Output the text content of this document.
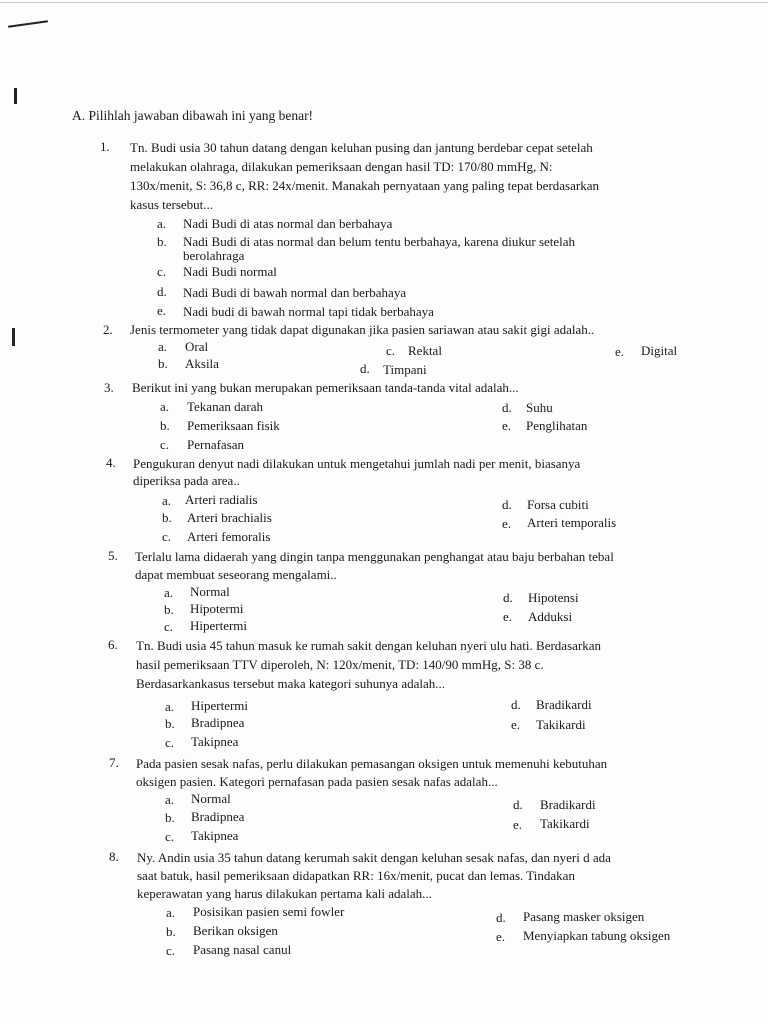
A. Pilihlah jawaban dibawah ini yang benar!
1. Tn. Budi usia 30 tahun datang dengan keluhan pusing dan jantung berdebar cepat setelah
melakukan olahraga, dilakukan pemeriksaan dengan hasil TD: 170/80 mmHg, N:
130x/menit, S: 36,8 c, RR: 24x/menit. Manakah pernyataan yang paling tepat berdasarkan
kasus tersebut...
a. Nadi Budi di atas normal dan berbahaya
b. Nadi Budi di atas normal dan belum tentu berbahaya, karena diukur setelah
berolahraga
c. Nadi Budi normal
d. Nadi Budi di bawah normal dan berbahaya
e. Nadi budi di bawah normal tapi tidak berbahaya
2. Jenis termometer yang tidak dapat digunakan jika pasien sariawan atau sakit gigi adalah..
a. Oral
b. Aksila
c. Rektal
d. Timpani
e. Digital
3. Berikut ini yang bukan merupakan pemeriksaan tanda-tanda vital adalah...
a. Tekanan darah
b. Pemeriksaan fisik
c. Pernafasan
d. Suhu
e. Penglihatan
4. Pengukuran denyut nadi dilakukan untuk mengetahui jumlah nadi per menit, biasanya
diperiksa pada area..
a. Arteri radialis
b. Arteri brachialis
c. Arteri femoralis
d. Forsa cubiti
e. Arteri temporalis
5. Terlalu lama didaerah yang dingin tanpa menggunakan penghangat atau baju berbahan tebal
dapat membuat seseorang mengalami..
a. Normal
b. Hipotermi
c. Hipertermi
d. Hipotensi
e. Adduksi
6. Tn. Budi usia 45 tahun masuk ke rumah sakit dengan keluhan nyeri ulu hati. Berdasarkan
hasil pemeriksaan TTV diperoleh, N: 120x/menit, TD: 140/90 mmHg, S: 38 c.
Berdasarkankasus tersebut maka kategori suhunya adalah...
a. Hipertermi
b. Bradipnea
c. Takipnea
d. Bradikardi
e. Takikardi
7. Pada pasien sesak nafas, perlu dilakukan pemasangan oksigen untuk memenuhi kebutuhan
oksigen pasien. Kategori pernafasan pada pasien sesak nafas adalah...
a. Normal
b. Bradipnea
c. Takipnea
d. Bradikardi
e. Takikardi
8. Ny. Andin usia 35 tahun datang kerumah sakit dengan keluhan sesak nafas, dan nyeri d ada
saat batuk, hasil pemeriksaan didapatkan RR: 16x/menit, pucat dan lemas. Tindakan
keperawatan yang harus dilakukan pertama kali adalah...
a. Posisikan pasien semi fowler
b. Berikan oksigen
c. Pasang nasal canul
d. Pasang masker oksigen
e. Menyiapkan tabung oksigen
